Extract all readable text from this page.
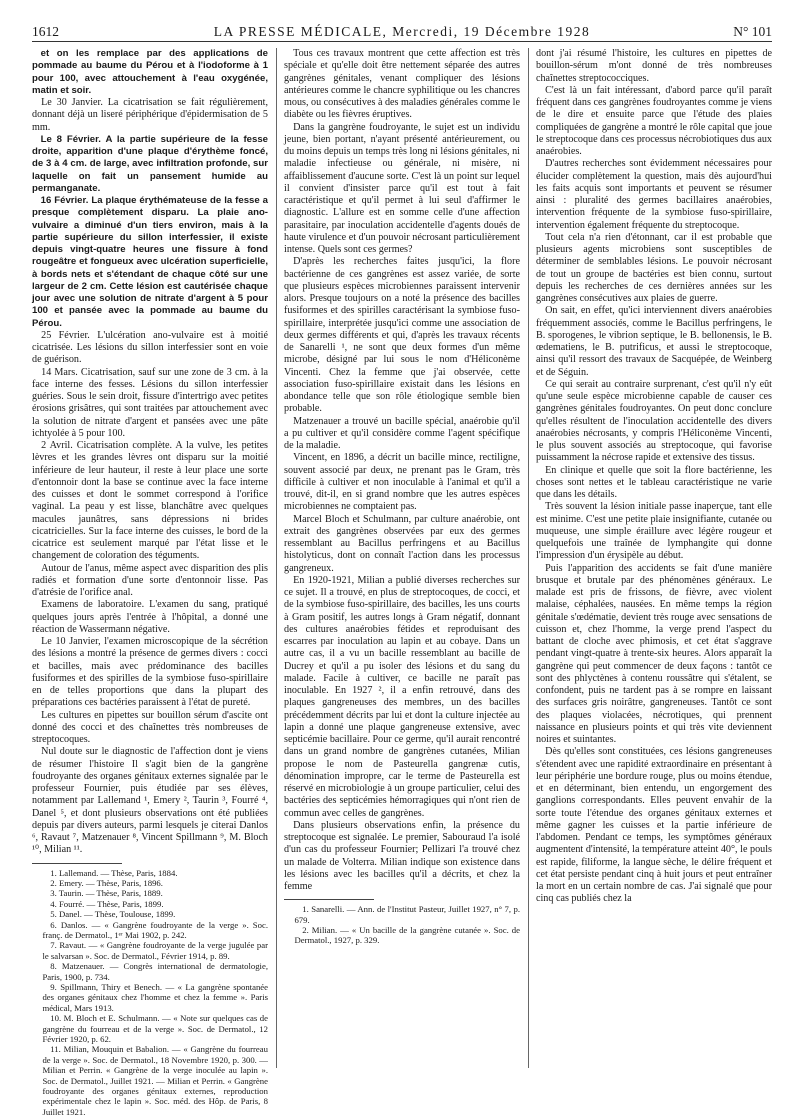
1612	LA PRESSE MÉDICALE, Mercredi, 19 Décembre 1928	N° 101

et on les remplace par des applications de pommade au baume du Pérou et à l'iodoforme à 1 pour 100, avec attouchement à l'eau oxygénée, matin et soir.

Le 30 Janvier. La cicatrisation se fait régulièrement, donnant déjà un liseré périphérique d'épidermisation de 5 mm.

Le 8 Février. A la partie supérieure de la fesse droite, apparition d'une plaque d'érythème foncé, de 3 à 4 cm. de large, avec infiltration profonde, sur laquelle on fait un pansement humide au permanganate.

16 Février. La plaque érythémateuse de la fesse a presque complètement disparu. La plaie ano-vulvaire a diminué d'un tiers environ, mais à la partie supérieure du sillon interfessier, il existe depuis vingt-quatre heures une fissure à fond rougeâtre et fongueux avec ulcération superficielle, à bords nets et s'étendant de chaque côté sur une largeur de 2 cm. Cette lésion est cautérisée chaque jour avec une solution de nitrate d'argent à 5 pour 100 et pansée avec la pommade au baume du Pérou.

25 Février. L'ulcération ano-vulvaire est à moitié cicatrisée. Les lésions du sillon interfessier sont en voie de guérison.

14 Mars. Cicatrisation, sauf sur une zone de 3 cm. à la face interne des fesses. Lésions du sillon interfessier guéries. Sous le sein droit, fissure d'intertrigo avec petites érosions grisâtres, qui sont traitées par attouchement avec la solution de nitrate d'argent et pansées avec une pâte ichtyolée à 5 pour 100.

2 Avril. Cicatrisation complète. A la vulve, les petites lèvres et les grandes lèvres ont disparu sur la moitié inférieure de leur hauteur, il reste à leur place une sorte d'entonnoir dont la base se continue avec la face interne des cuisses et dont le sommet correspond à l'orifice vaginal. La peau y est lisse, blanchâtre avec quelques macules jaunâtres, sans dépressions ni brides cicatricielles. Sur la face interne des cuisses, le bord de la cicatrice est seulement marqué par l'état lisse et le changement de coloration des téguments.

Autour de l'anus, même aspect avec disparition des plis radiés et formation d'une sorte d'entonnoir lisse. Pas d'atrésie de l'orifice anal.

Examens de laboratoire. L'examen du sang, pratiqué quelques jours après l'entrée à l'hôpital, a donné une réaction de Wassermann négative.

Le 10 Janvier, l'examen microscopique de la sécrétion des lésions a montré la présence de germes divers : cocci et bacilles, mais avec prédominance des bacilles fusiformes et des spirilles de la symbiose fuso-spirillaire en de telles proportions que dans la plupart des préparations ces bactéries paraissent à l'état de pureté.

Les cultures en pipettes sur bouillon sérum d'ascite ont donné des cocci et des chaînettes très nombreuses de streptocoques.

Nul doute sur le diagnostic de l'affection dont je viens de résumer l'histoire Il s'agit bien de la gangrène foudroyante des organes génitaux externes signalée par le professeur Fournier, puis étudiée par ses élèves, notamment par Lallemand ¹, Emery ², Taurin ³, Fourré ⁴, Danel ⁵, et dont plusieurs observations ont été publiées depuis par divers auteurs, parmi lesquels je citerai Danlos ⁶, Ravaut ⁷, Matzenauer ⁸, Vincent Spillmann ⁹, M. Bloch ¹⁰, Milian ¹¹.

1. Lallemand. — Thèse, Paris, 1884.

2. Emery. — Thèse, Paris, 1896.

3. Taurin. — Thèse, Paris, 1889.

4. Fourré. — Thèse, Paris, 1899.

5. Danel. — Thèse, Toulouse, 1899.

6. Danlos. — « Gangrène foudroyante de la verge ». Soc. franç. de Dermatol., 1ᵉʳ Mai 1902, p. 242.

7. Ravaut. — « Gangrène foudroyante de la verge jugulée par le salvarsan ». Soc. de Dermatol., Février 1914, p. 89.

8. Matzenauer. — Congrès international de dermatologie, Paris, 1900, p. 734.

9. Spillmann, Thiry et Benech. — « La gangrène spontanée des organes génitaux chez l'homme et chez la femme ». Paris médical, Mars 1913.

10. M. Bloch et E. Schulmann. — « Note sur quelques cas de gangrène du fourreau et de la verge ». Soc. de Dermatol., 12 Février 1920, p. 62.

11. Milian, Mouquin et Babalion. — « Gangrène du fourreau de la verge ». Soc. de Dermatol., 18 Novembre 1920, p. 300. — Milian et Perrin. « Gangrène de la verge inoculée au lapin ». Soc. de Dermatol., Juillet 1921. — Milian et Perrin. « Gangrène foudroyante des organes génitaux externes, reproduction expérimentale chez le lapin ». Soc. méd. des Hôp. de Paris, 8 Juillet 1921.

Tous ces travaux montrent que cette affection est très spéciale et qu'elle doit être nettement séparée des autres gangrènes génitales, venant compliquer des lésions antérieures comme le chancre syphilitique ou les chancres mous, ou consécutives à des maladies générales comme le diabète ou les fièvres éruptives.

Dans la gangrène foudroyante, le sujet est un individu jeune, bien portant, n'ayant présenté antérieurement, ou du moins depuis un temps très long ni lésions génitales, ni maladie infectieuse ou générale, ni misère, ni affaiblissement d'aucune sorte. C'est là un point sur lequel il convient d'insister parce qu'il est tout à fait caractéristique et qu'il permet à lui seul d'affirmer le diagnostic. L'allure est en somme celle d'une affection parasitaire, par inoculation accidentelle d'agents doués de haute virulence et d'un pouvoir nécrosant particulièrement intense. Quels sont ces germes?

D'après les recherches faites jusqu'ici, la flore bactérienne de ces gangrènes est assez variée, de sorte que plusieurs espèces microbiennes paraissent intervenir alors. Presque toujours on a noté la présence des bacilles fusiformes et des spirilles caractérisant la symbiose fuso-spirillaire, interprétée jusqu'ici comme une association de deux germes différents et qui, d'après les travaux récents de Sanarelli ¹, ne sont que deux formes d'un même microbe, désigné par lui sous le nom d'Héliconème Vincenti. Chez la femme que j'ai observée, cette association fuso-spirillaire existait dans les lésions en abondance telle que son rôle étiologique semble bien probable.

Matzenauer a trouvé un bacille spécial, anaérobie qu'il a pu cultiver et qu'il considère comme l'agent spécifique de la maladie.

Vincent, en 1896, a décrit un bacille mince, rectiligne, souvent associé par deux, ne prenant pas le Gram, très difficile à cultiver et non inoculable à l'animal et qu'il a trouvé, dit-il, en si grand nombre que les autres espèces microbiennes ne comptaient pas.

Marcel Bloch et Schulmann, par culture anaérobie, ont extrait des gangrènes observées par eux des germes ressemblant au Bacillus perfringens et au Bacillus histolyticus, dont on connaît l'action dans les processus gangreneux.

En 1920-1921, Milian a publié diverses recherches sur ce sujet. Il a trouvé, en plus de streptocoques, de cocci, et de la symbiose fuso-spirillaire, des bacilles, les uns courts à Gram positif, les autres longs à Gram négatif, donnant des cultures anaérobies fétides et reproduisant des escarres par inoculation au lapin et au cobaye. Dans un autre cas, il a vu un bacille ressemblant au bacille de Ducrey et qu'il a pu isoler des lésions et du sang du malade. Facile à cultiver, ce bacille ne paraît pas inoculable. En 1927 ², il a enfin retrouvé, dans des plaques gangreneuses des membres, un des bacilles précédemment décrits par lui et dont la culture injectée au lapin a donné une plaque gangreneuse extensive, avec septicémie bacillaire. Pour ce germe, qu'il aurait rencontré dans un grand nombre de gangrènes cutanées, Milian propose le nom de Pasteurella gangrenæ cutis, dénomination impropre, car le terme de Pasteurella est réservé en microbiologie à un groupe particulier, celui des bactéries des septicémies hémorragiques qui n'ont rien de commun avec celles de gangrènes.

Dans plusieurs observations enfin, la présence du streptocoque est signalée. Le premier, Sabouraud l'a isolé d'un cas du professeur Fournier; Pellizari l'a trouvé chez un malade de Volterra. Milian indique son existence dans les lésions avec les bacilles qu'il a décrits, et chez la femme

1. Sanarelli. — Ann. de l'Institut Pasteur, Juillet 1927, n° 7, p. 679.

2. Milian. — « Un bacille de la gangrène cutanée ». Soc. de Dermatol., 1927, p. 329.

dont j'ai résumé l'histoire, les cultures en pipettes de bouillon-sérum m'ont donné de très nombreuses chaînettes streptococciques.

C'est là un fait intéressant, d'abord parce qu'il paraît fréquent dans ces gangrènes foudroyantes comme je viens de le dire et ensuite parce que l'étude des plaies compliquées de gangrène a montré le rôle capital que joue le streptocoque dans ces processus nécrobiotiques dus aux anaérobies.

D'autres recherches sont évidemment nécessaires pour élucider complètement la question, mais dès aujourd'hui les faits acquis sont importants et peuvent se résumer ainsi : pluralité des germes bacillaires anaérobies, intervention fréquente de la symbiose fuso-spirillaire, intervention également fréquente du streptocoque.

Tout cela n'a rien d'étonnant, car il est probable que plusieurs agents microbiens sont susceptibles de déterminer de semblables lésions. Le pouvoir nécrosant de tout un groupe de bactéries est bien connu, surtout depuis les recherches de ces dernières années sur les gangrènes consécutives aux plaies de guerre.

On sait, en effet, qu'ici interviennent divers anaérobies fréquemment associés, comme le Bacillus perfringens, le B. sporogenes, le vibrion septique, le B. bellonensis, le B. œdematiens, le B. putrificus, et aussi le streptocoque, ainsi qu'il ressort des travaux de Sacquépée, de Weinberg et de Séguin.

Ce qui serait au contraire surprenant, c'est qu'il n'y eût qu'une seule espèce microbienne capable de causer ces gangrènes génitales foudroyantes. On peut donc conclure qu'elles résultent de l'inoculation accidentelle des divers anaérobies nécrosants, y compris l'Héliconème Vincenti, le plus souvent associés au streptocoque, qui favorise puissamment la nécrose rapide et extensive des tissus.

En clinique et quelle que soit la flore bactérienne, les choses sont nettes et le tableau caractéristique ne varie que dans les détails.

Très souvent la lésion initiale passe inaperçue, tant elle est minime. C'est une petite plaie insignifiante, cutanée ou muqueuse, une simple éraillure avec légère rougeur et quelquefois une traînée de lymphangite qui donne l'impression d'un érysipèle au début.

Puis l'apparition des accidents se fait d'une manière brusque et brutale par des phénomènes généraux. Le malade est pris de frissons, de fièvre, avec violent malaise, céphalées, nausées. En même temps la région génitale s'œdématie, devient très rouge avec sensations de cuisson et, chez l'homme, la verge prend l'aspect du battant de cloche avec phimosis, et cet état s'aggrave pendant vingt-quatre à trente-six heures. Alors apparaît la gangrène qui peut commencer de deux façons : tantôt ce sont des phlyctènes à contenu roussâtre qui s'étalent, se confondent, puis ne tardent pas à se rompre en laissant des surfaces gris noirâtre, gangreneuses. Tantôt ce sont des plaques violacées, nécrotiques, qui prennent naissance en plusieurs points et qui très vite deviennent noires et suintantes.

Dès qu'elles sont constituées, ces lésions gangreneuses s'étendent avec une rapidité extraordinaire en présentant à leur périphérie une bordure rouge, plus ou moins étendue, et en déterminant, bien entendu, un engorgement des ganglions correspondants. Elles peuvent envahir de la sorte toute l'étendue des organes génitaux externes et même gagner les cuisses et la partie inférieure de l'abdomen. Pendant ce temps, les symptômes généraux augmentent d'intensité, la température atteint 40°, le pouls est rapide, filiforme, la langue sèche, le délire fréquent et cet état persiste pendant cinq à huit jours et peut entraîner la mort en un certain nombre de cas. J'ai signalé que pour cinq cas publiés chez la
